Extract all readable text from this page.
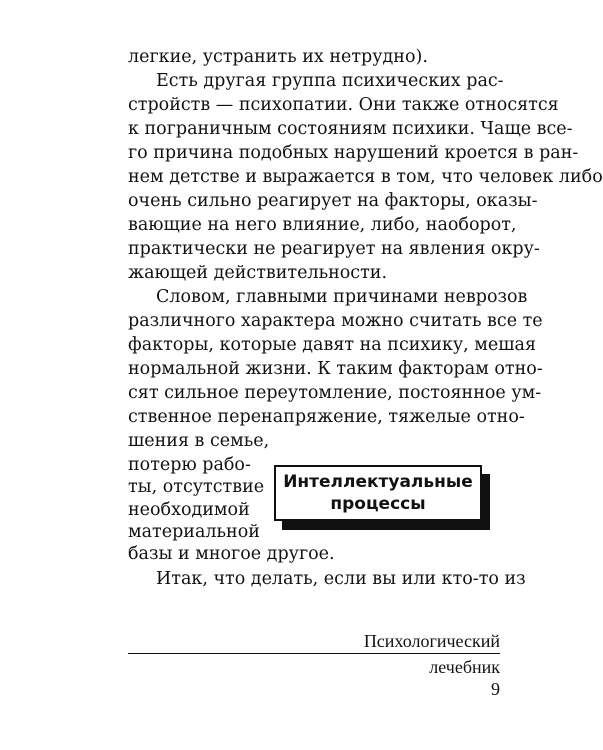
легкие, устранить их нетрудно).
Есть другая группа психических рас-
стройств — психопатии. Они также относятся
к пограничным состояниям психики. Чаще все-
го причина подобных нарушений кроется в ран-
нем детстве и выражается в том, что человек либо
очень сильно реагирует на факторы, оказы-
вающие на него влияние, либо, наоборот,
практически не реагирует на явления окру-
жающей действительности.
Словом, главными причинами неврозов
различного характера можно считать все те
факторы, которые давят на психику, мешая
нормальной жизни. К таким факторам отно-
сят сильное переутомление, постоянное ум-
ственное перенапряжение, тяжелые отно-
шения в семье,
потерю рабо-
ты, отсутствие
необходимой
материальной
Интеллектуальные
процессы
базы и многое другое.
Итак, что делать, если вы или кто-то из
Психологический
лечебник
9
